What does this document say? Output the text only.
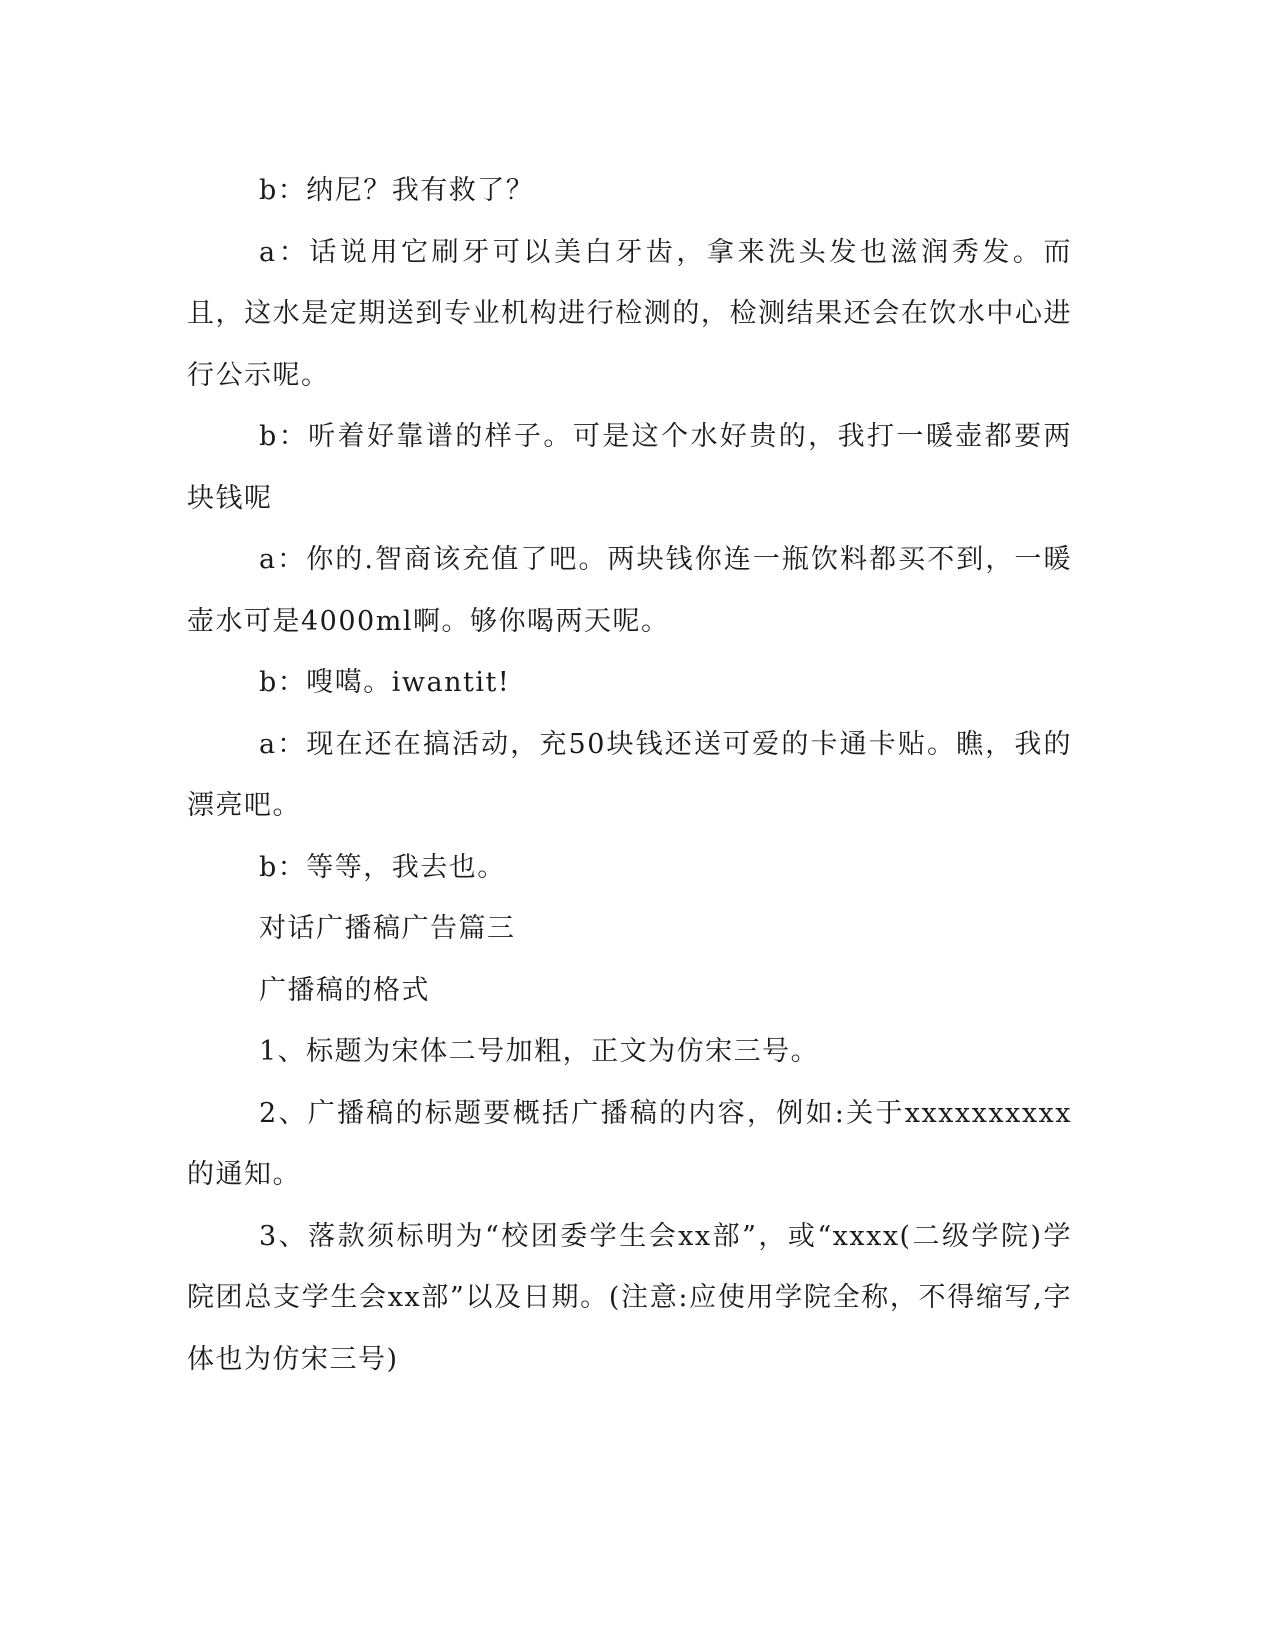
b：纳尼？我有救了？

a：话说用它刷牙可以美白牙齿，拿来洗头发也滋润秀发。而且，这水是定期送到专业机构进行检测的，检测结果还会在饮水中心进行公示呢。

b：听着好靠谱的样子。可是这个水好贵的，我打一暖壶都要两块钱呢

a：你的.智商该充值了吧。两块钱你连一瓶饮料都买不到，一暖壶水可是4000ml啊。够你喝两天呢。

b：嗖噶。iwantit!

a：现在还在搞活动，充50块钱还送可爱的卡通卡贴。瞧，我的漂亮吧。

b：等等，我去也。

对话广播稿广告篇三

广播稿的格式

1、标题为宋体二号加粗，正文为仿宋三号。

2、广播稿的标题要概括广播稿的内容，例如:关于xxxxxxxxxx的通知。

3、落款须标明为“校团委学生会xx部”，或“xxxx(二级学院)学院团总支学生会xx部”以及日期。(注意:应使用学院全称，不得缩写,字体也为仿宋三号)
